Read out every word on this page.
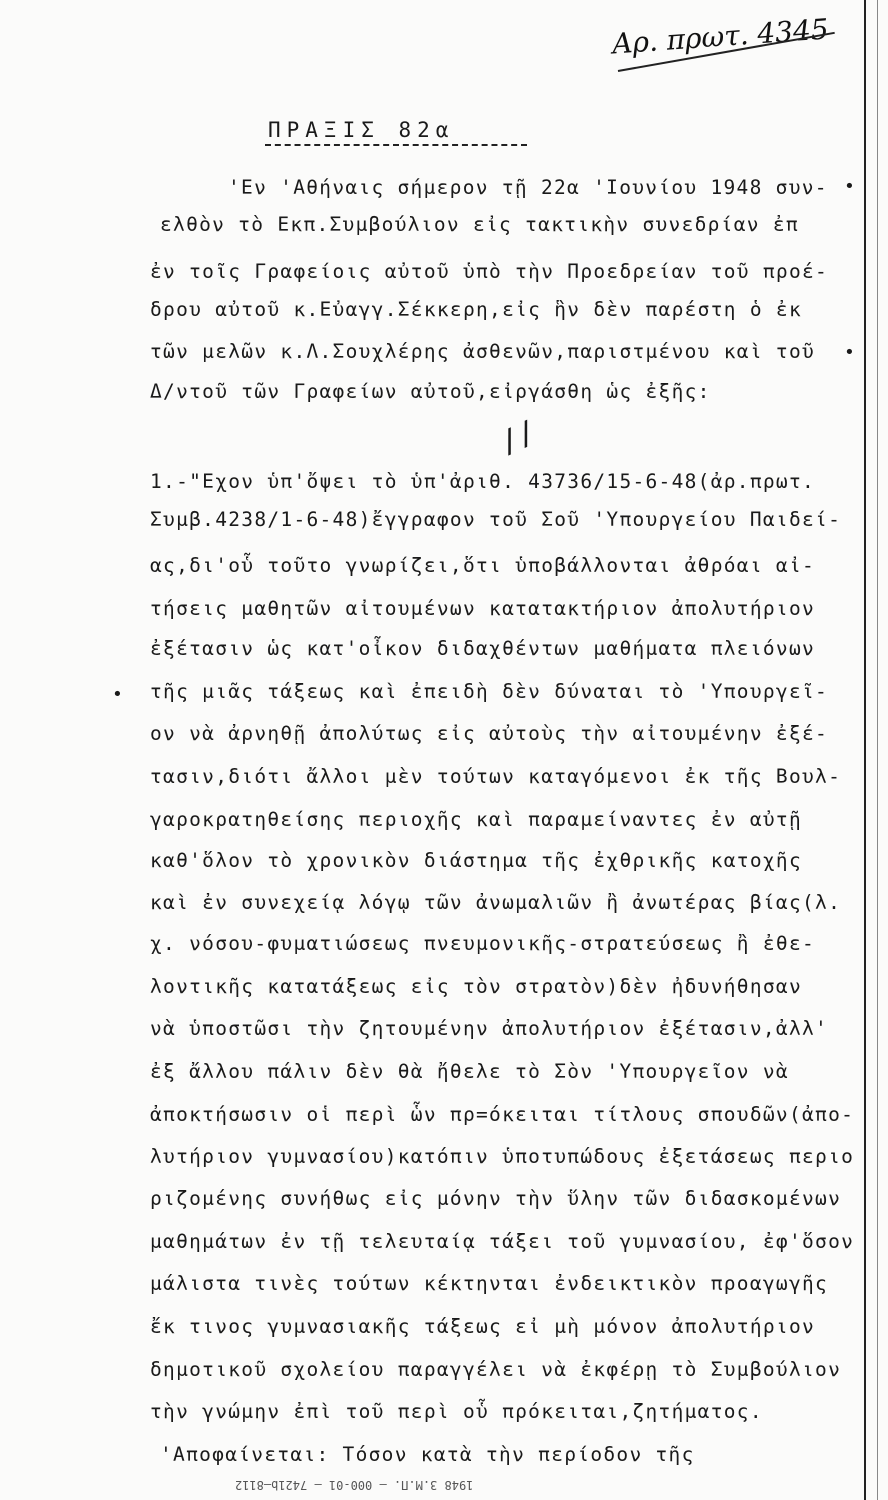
Αρ. πρωτ. 4345
ΠΡΑΞΙΣ 82α
'Εν 'Αθήναις σήμερον τῇ 22α 'Ιουνίου 1948 συν-
ελθὸν τὸ Εκπ.Συμβούλιον εἰς τακτικὴν συνεδρίαν ἐπ
ἐν τοῖς Γραφείοις αὐτοῦ ὑπὸ τὴν Προεδρείαν τοῦ προέ-
δρου αὐτοῦ κ.Εὐαγγ.Σέκκερη,εἰς ἣν δὲν παρέστη ὁ ἐκ
τῶν μελῶν κ.Λ.Σουχλέρης ἀσθενῶν,παριστμένου καὶ τοῦ
Δ/ντοῦ τῶν Γραφείων αὐτοῦ,εἰργάσθη ὡς ἐξῆς:
//
1.-"Εχον ὑπ'ὄψει τὸ ὑπ'ἀριθ. 43736/15-6-48(ἀρ.πρωτ.
Συμβ.4238/1-6-48)ἔγγραφον τοῦ Σοῦ 'Υπουργείου Παιδεί-
ας,δι'οὗ τοῦτο γνωρίζει,ὅτι ὑποβάλλονται ἀθρόαι αἰ-
τήσεις μαθητῶν αἰτουμένων κατατακτήριον ἀπολυτήριον
ἐξέτασιν ὡς κατ'οἶκον διδαχθέντων μαθήματα πλειόνων
τῆς μιᾶς τάξεως καὶ ἐπειδὴ δὲν δύναται τὸ 'Υπουργεῖ-
ον νὰ ἀρνηθῇ ἀπολύτως εἰς αὐτοὺς τὴν αἰτουμένην ἐξέ-
τασιν,διότι ἄλλοι μὲν τούτων καταγόμενοι ἐκ τῆς Βουλ-
γαροκρατηθείσης περιοχῆς καὶ παραμείναντες ἐν αὐτῇ
καθ'ὅλον τὸ χρονικὸν διάστημα τῆς ἐχθρικῆς κατοχῆς
καὶ ἐν συνεχείᾳ λόγῳ τῶν ἀνωμαλιῶν ἢ ἀνωτέρας βίας(λ.
χ. νόσου-φυματιώσεως πνευμονικῆς-στρατεύσεως ἢ ἐθε-
λοντικῆς κατατάξεως εἰς τὸν στρατὸν)δὲν ἠδυνήθησαν
νὰ ὑποστῶσι τὴν ζητουμένην ἀπολυτήριον ἐξέτασιν,ἀλλ'
ἐξ ἄλλου πάλιν δὲν θὰ ἤθελε τὸ Σὸν 'Υπουργεῖον νὰ
ἀποκτήσωσιν οἱ περὶ ὧν πρ=όκειται τίτλους σπουδῶν(ἀπο-
λυτήριον γυμνασίου)κατόπιν ὑποτυπώδους ἐξετάσεως περιο
ριζομένης συνήθως εἰς μόνην τὴν ὕλην τῶν διδασκομένων
μαθημάτων ἐν τῇ τελευταίᾳ τάξει τοῦ γυμνασίου, ἐφ'ὅσον
μάλιστα τινὲς τούτων κέκτηνται ἐνδεικτικὸν προαγωγῆς
ἔκ τινος γυμνασιακῆς τάξεως εἰ μὴ μόνον ἀπολυτήριον
δημοτικοῦ σχολείου παραγγέλει νὰ ἐκφέρῃ τὸ Συμβούλιον
τὴν γνώμην ἐπὶ τοῦ περὶ οὗ πρόκειται,ζητήματος.
'Αποφαίνεται: Τόσον κατὰ τὴν περίοδον τῆς
•
•
•
1948 3.Μ.Π. — 000-01 — 7421b–8112
